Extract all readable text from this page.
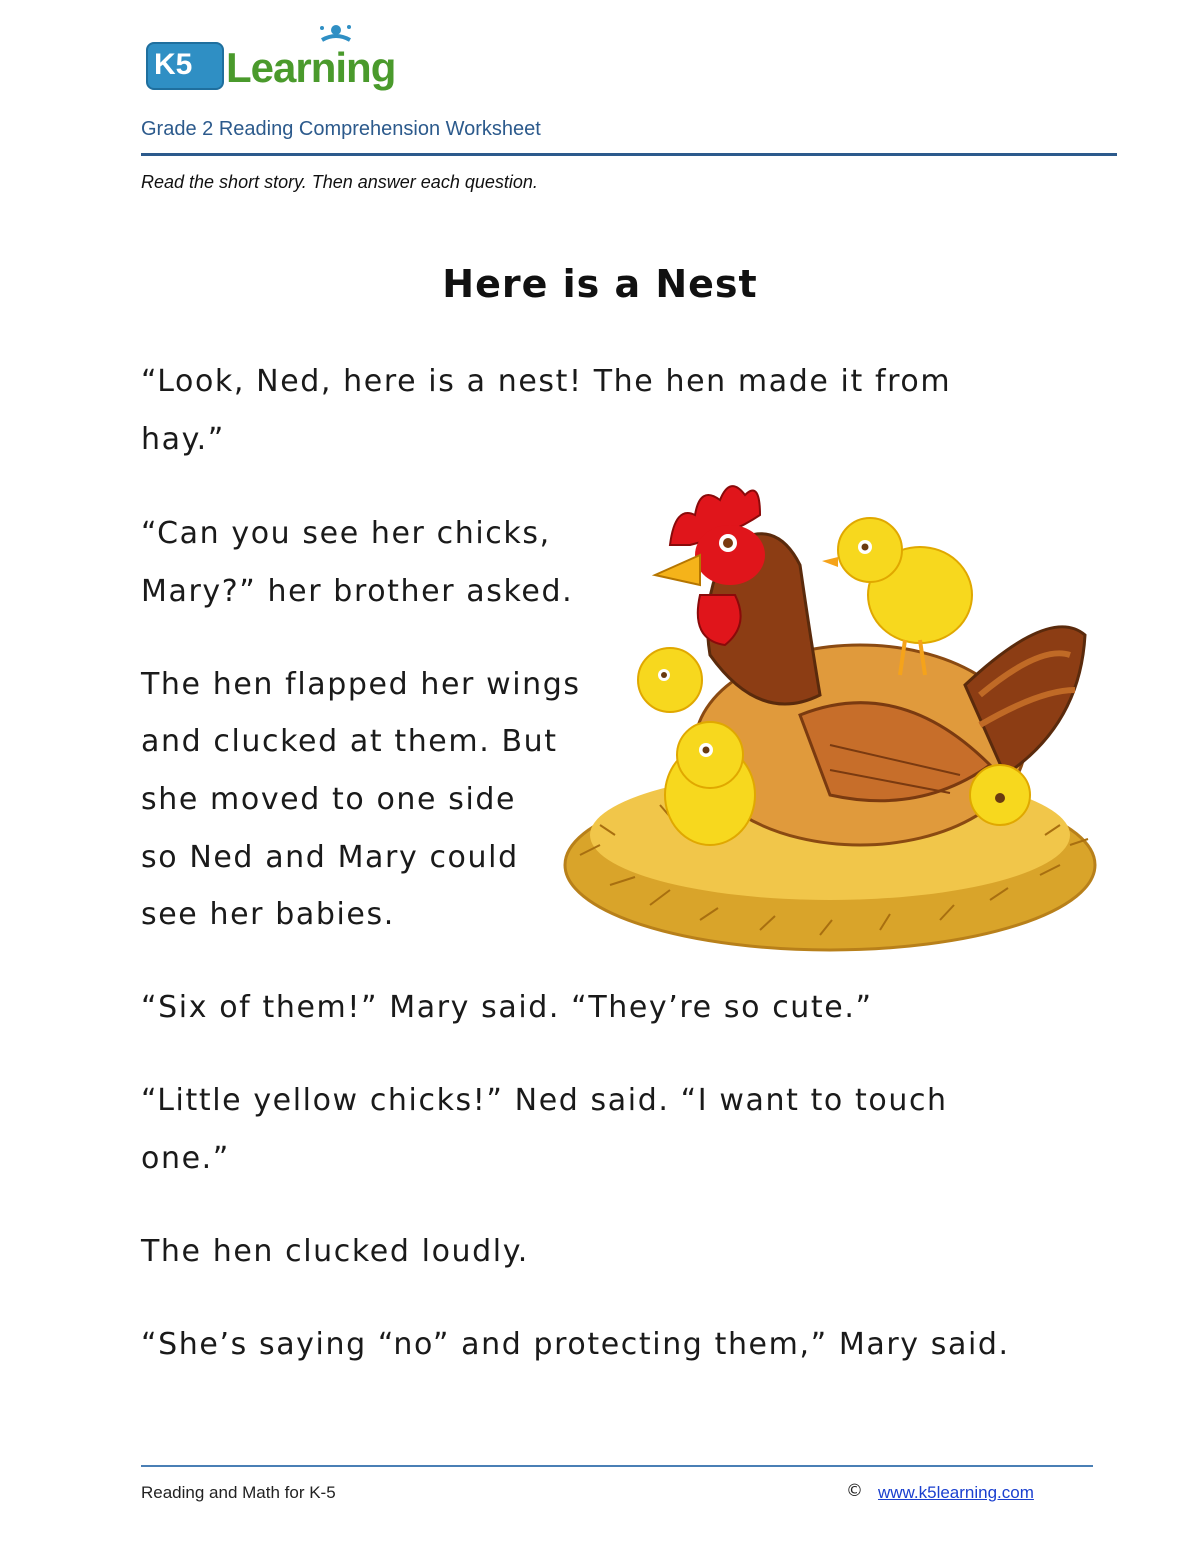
K5 Learning
Grade 2 Reading Comprehension Worksheet
Read the short story. Then answer each question.
Here is a Nest
“Look, Ned, here is a nest! The hen made it from
hay.”
“Can you see her chicks,
Mary?” her brother asked.
The hen flapped her wings
and clucked at them. But
she moved to one side
so Ned and Mary could
see her babies.
“Six of them!” Mary said. “They’re so cute.”
“Little yellow chicks!” Ned said. “I want to touch
one.”
The hen clucked loudly.
“She’s saying “no” and protecting them,” Mary said.
Reading and Math for K-5	© www.k5learning.com
